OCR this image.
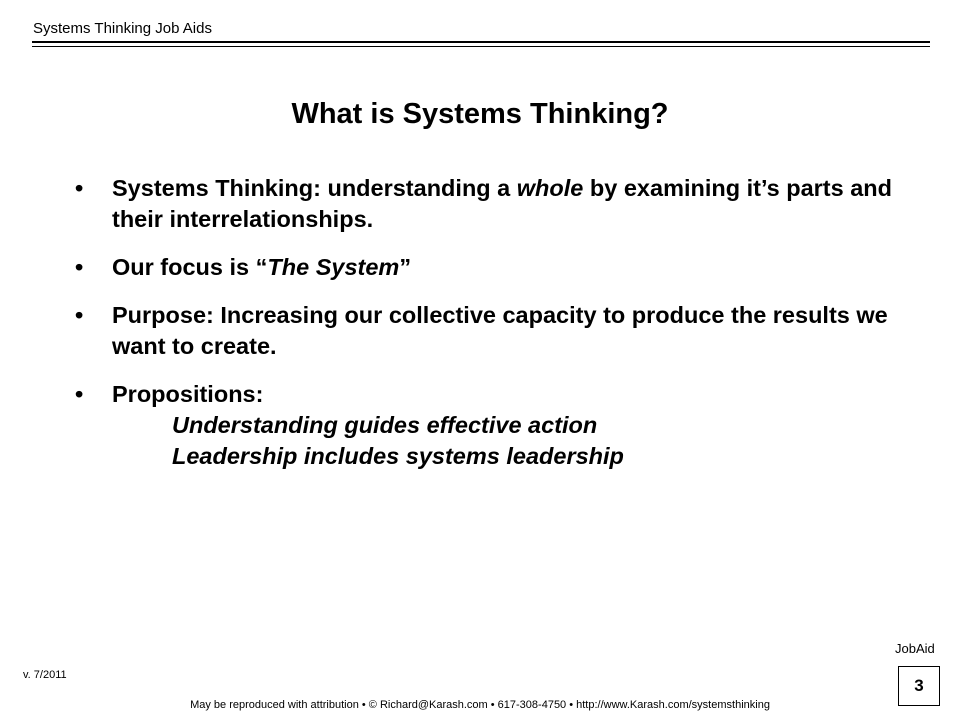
Systems Thinking Job Aids
What is Systems Thinking?
• Systems Thinking: understanding a whole by examining it’s parts and their interrelationships.
• Our focus is “The System”
• Purpose: Increasing our collective capacity to produce the results we want to create.
• Propositions:
Understanding guides effective action
Leadership includes systems leadership
v. 7/2011
JobAid
3
May be reproduced with attribution • © Richard@Karash.com • 617-308-4750 • http://www.Karash.com/systemsthinking
